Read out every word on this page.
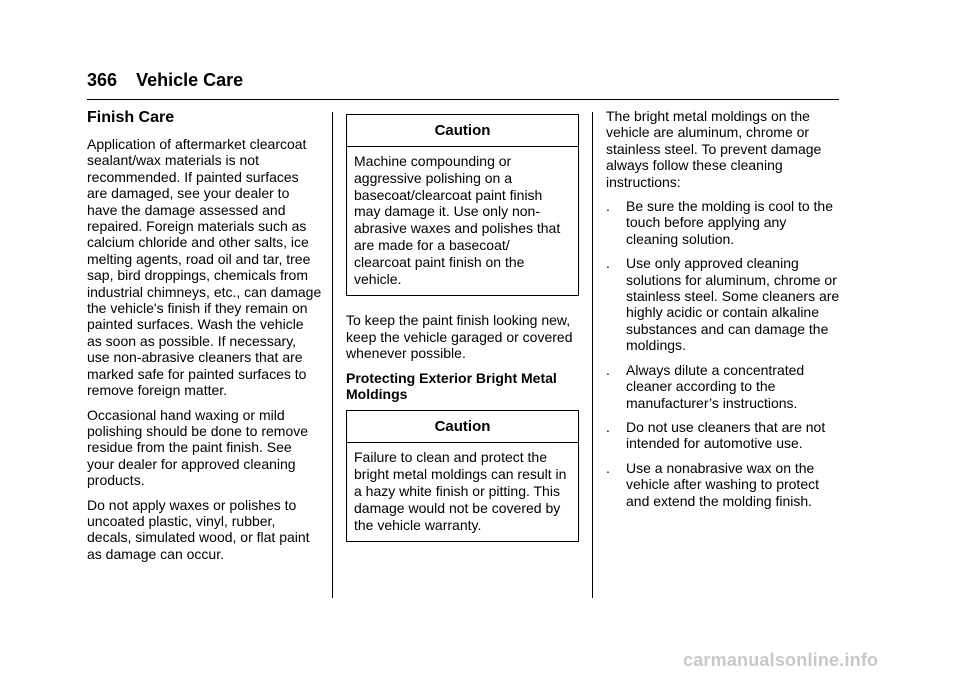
366 Vehicle Care
Finish Care

Application of aftermarket clearcoat sealant/wax materials is not recommended. If painted surfaces are damaged, see your dealer to have the damage assessed and repaired. Foreign materials such as calcium chloride and other salts, ice melting agents, road oil and tar, tree sap, bird droppings, chemicals from industrial chimneys, etc., can damage the vehicle's finish if they remain on painted surfaces. Wash the vehicle as soon as possible. If necessary, use non-abrasive cleaners that are marked safe for painted surfaces to remove foreign matter.

Occasional hand waxing or mild polishing should be done to remove residue from the paint finish. See your dealer for approved cleaning products.

Do not apply waxes or polishes to uncoated plastic, vinyl, rubber, decals, simulated wood, or flat paint as damage can occur.

Caution
Machine compounding or aggressive polishing on a basecoat/clearcoat paint finish may damage it. Use only non-abrasive waxes and polishes that are made for a basecoat/ clearcoat paint finish on the vehicle.

To keep the paint finish looking new, keep the vehicle garaged or covered whenever possible.

Protecting Exterior Bright Metal Moldings

Caution
Failure to clean and protect the bright metal moldings can result in a hazy white finish or pitting. This damage would not be covered by the vehicle warranty.

The bright metal moldings on the vehicle are aluminum, chrome or stainless steel. To prevent damage always follow these cleaning instructions:

. Be sure the molding is cool to the touch before applying any cleaning solution.
. Use only approved cleaning solutions for aluminum, chrome or stainless steel. Some cleaners are highly acidic or contain alkaline substances and can damage the moldings.
. Always dilute a concentrated cleaner according to the manufacturer’s instructions.
. Do not use cleaners that are not intended for automotive use.
. Use a nonabrasive wax on the vehicle after washing to protect and extend the molding finish.
carmanualsonline.info
